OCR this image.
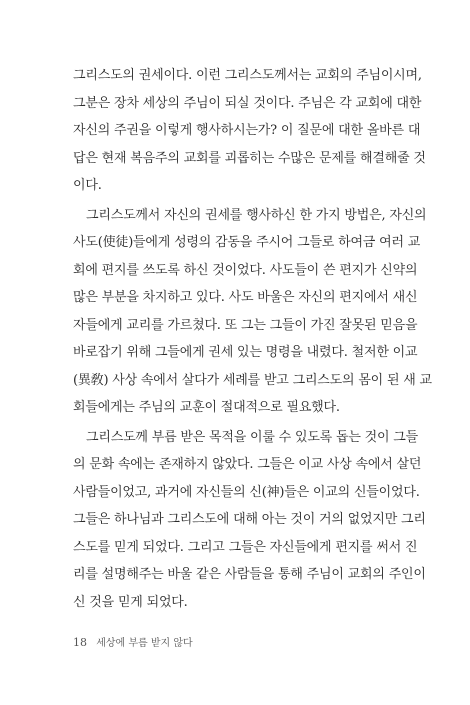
그리스도의 권세이다. 이런 그리스도께서는 교회의 주님이시며,
그분은 장차 세상의 주님이 되실 것이다. 주님은 각 교회에 대한
자신의 주권을 이렇게 행사하시는가? 이 질문에 대한 올바른 대
답은 현재 복음주의 교회를 괴롭히는 수많은 문제를 해결해줄 것
이다.
그리스도께서 자신의 권세를 행사하신 한 가지 방법은, 자신의
사도(使徒)들에게 성령의 감동을 주시어 그들로 하여금 여러 교
회에 편지를 쓰도록 하신 것이었다. 사도들이 쓴 편지가 신약의
많은 부분을 차지하고 있다. 사도 바울은 자신의 편지에서 새신
자들에게 교리를 가르쳤다. 또 그는 그들이 가진 잘못된 믿음을
바로잡기 위해 그들에게 권세 있는 명령을 내렸다. 철저한 이교
(異敎) 사상 속에서 살다가 세례를 받고 그리스도의 몸이 된 새 교
회들에게는 주님의 교훈이 절대적으로 필요했다.
그리스도께 부름 받은 목적을 이룰 수 있도록 돕는 것이 그들
의 문화 속에는 존재하지 않았다. 그들은 이교 사상 속에서 살던
사람들이었고, 과거에 자신들의 신(神)들은 이교의 신들이었다.
그들은 하나님과 그리스도에 대해 아는 것이 거의 없었지만 그리
스도를 믿게 되었다. 그리고 그들은 자신들에게 편지를 써서 진
리를 설명해주는 바울 같은 사람들을 통해 주님이 교회의 주인이
신 것을 믿게 되었다.
18 세상에 부름 받지 않다
